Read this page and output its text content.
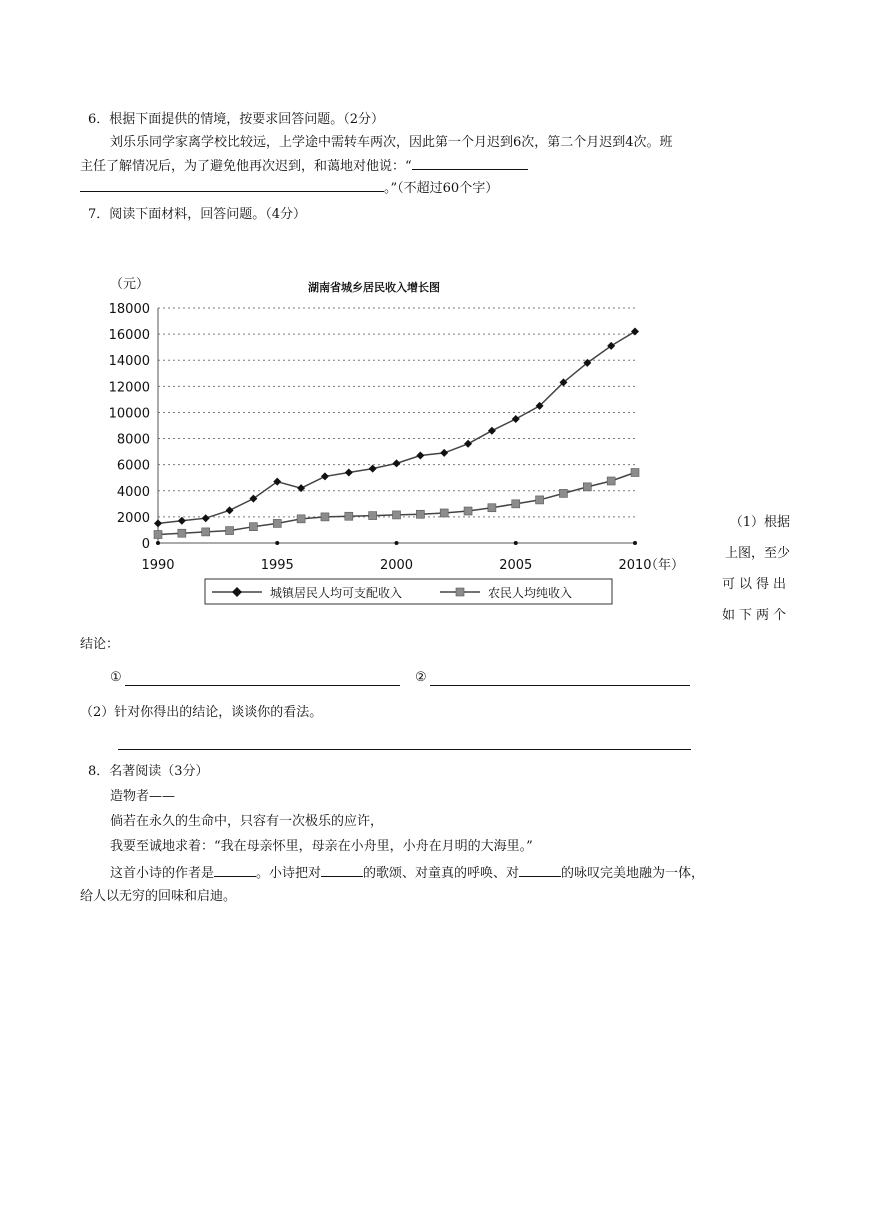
6．根据下面提供的情境，按要求回答问题。（2分）
刘乐乐同学家离学校比较远，上学途中需转车两次，因此第一个月迟到6次，第二个月迟到4次。班
主任了解情况后，为了避免他再次迟到，和蔼地对他说：“
。”（不超过60个字）
7．阅读下面材料，回答问题。（4分）
湖南省城乡居民收入增长图
（元）
（年）
0
2000
4000
6000
8000
10000
12000
14000
16000
18000
1990	1995	2000	2005	2010
城镇居民人均可支配收入	农民人均纯收入
（1）根据
上图，至少
可以得出
如下两个
结论：
①	②
（2）针对你得出的结论，谈谈你的看法。
8．名著阅读（3分）
造物者——
倘若在永久的生命中，只容有一次极乐的应许，
我要至诚地求着：“我在母亲怀里，母亲在小舟里，小舟在月明的大海里。”
这首小诗的作者是	。小诗把对	的歌颂、对童真的呼唤、对	的咏叹完美地融为一体，
给人以无穷的回味和启迪。
